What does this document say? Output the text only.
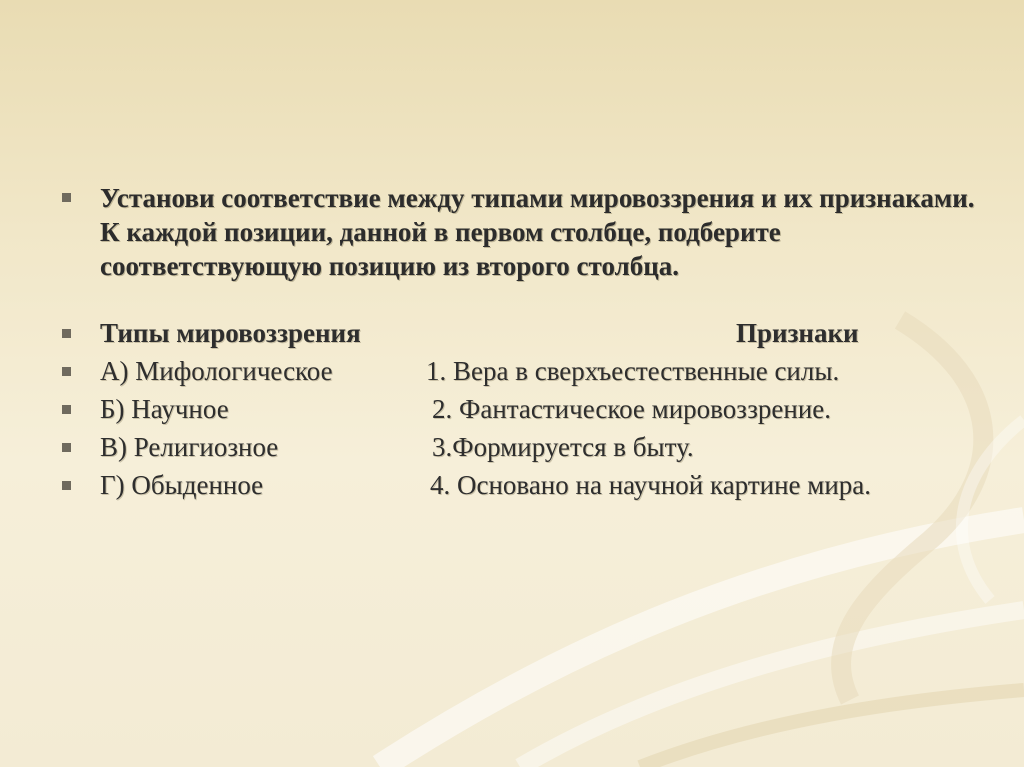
Установи соответствие между типами мировоззрения и их признаками. К каждой позиции, данной в первом столбце, подберите соответствующую позицию из второго столбца.
Типы мировоззрения	Признаки
А) Мифологическое	1. Вера в сверхъестественные силы.
Б) Научное	2. Фантастическое мировоззрение.
В) Религиозное	3.Формируется в быту.
Г) Обыденное	4. Основано на научной картине мира.
